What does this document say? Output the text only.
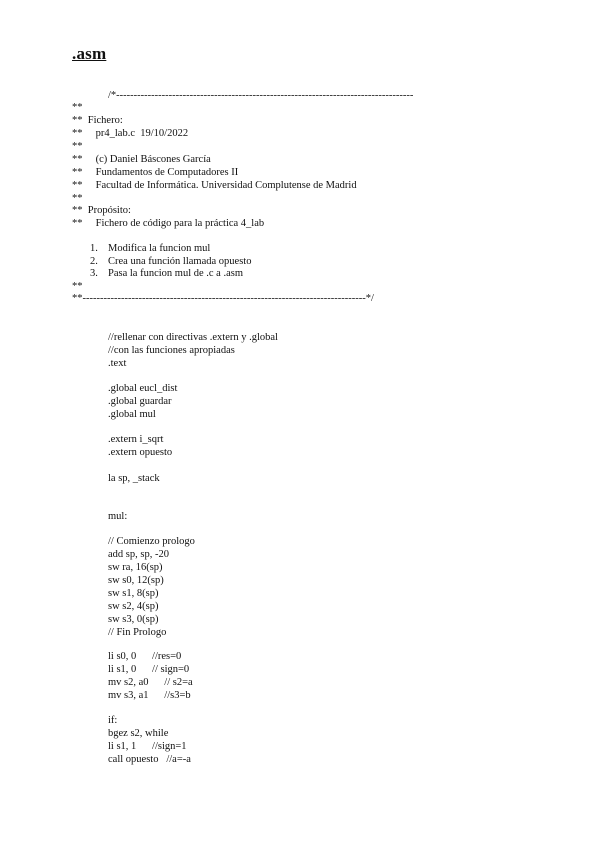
.asm
/*-------------------------------------------------------------------------------------
**
**  Fichero:
**     pr4_lab.c  19/10/2022
**
**     (c) Daniel Báscones García
**     Fundamentos de Computadores II
**     Facultad de Informática. Universidad Complutense de Madrid
**
**  Propósito:
**     Fichero de código para la práctica 4_lab
1. Modifica la funcion mul
2. Crea una función llamada opuesto
3. Pasa la funcion mul de .c a .asm
**
**---------------------------------------------------------------------------------*/
//rellenar con directivas .extern y .global
//con las funciones apropiadas
.text
.global eucl_dist
.global guardar
.global mul
.extern i_sqrt
.extern opuesto
la sp, _stack
mul:
// Comienzo prologo
add sp, sp, -20
sw ra, 16(sp)
sw s0, 12(sp)
sw s1, 8(sp)
sw s2, 4(sp)
sw s3, 0(sp)
// Fin Prologo
li s0, 0      //res=0
li s1, 0      // sign=0
mv s2, a0      // s2=a
mv s3, a1      //s3=b
if:
bgez s2, while
li s1, 1      //sign=1
call opuesto   //a=-a
